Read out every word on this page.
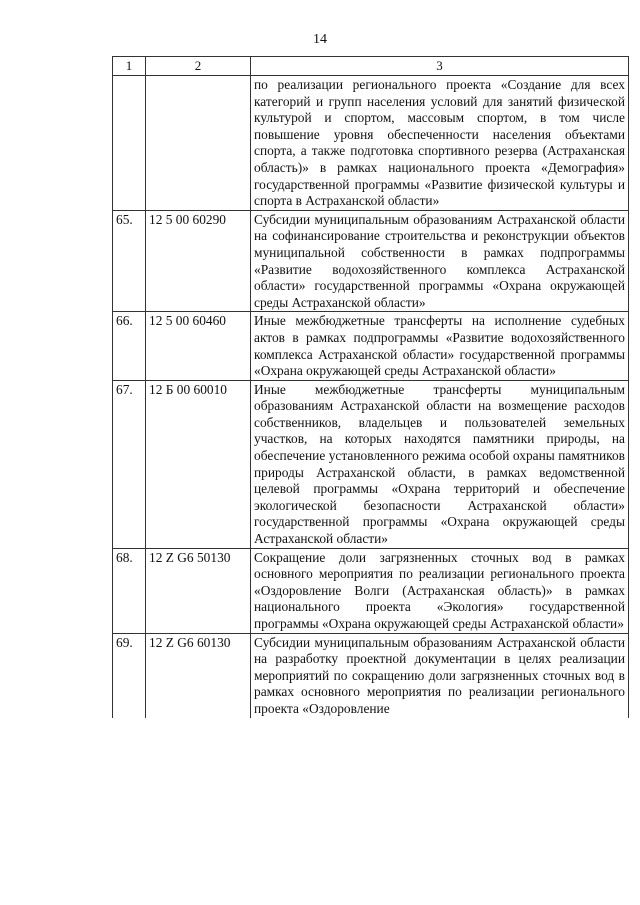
14
1	2	3
		по реализации регионального проекта «Создание для всех категорий и групп населения условий для занятий физической культурой и спортом, массовым спортом, в том числе повышение уровня обеспеченности населения объектами спорта, а также подготовка спортивного резерва (Астраханская область)» в рамках национального проекта «Демография» государственной программы «Развитие физической культуры и спорта в Астраханской области»
65.	12 5 00 60290	Субсидии муниципальным образованиям Астраханской области на софинансирование строительства и реконструкции объектов муниципальной собственности в рамках подпрограммы «Развитие водохозяйственного комплекса Астраханской области» государственной программы «Охрана окружающей среды Астраханской области»
66.	12 5 00 60460	Иные межбюджетные трансферты на исполнение судебных актов в рамках подпрограммы «Развитие водохозяйственного комплекса Астраханской области» государственной программы «Охрана окружающей среды Астраханской области»
67.	12 Б 00 60010	Иные межбюджетные трансферты муниципальным образованиям Астраханской области на возмещение расходов собственников, владельцев и пользователей земельных участков, на которых находятся памятники природы, на обеспечение установленного режима особой охраны памятников природы Астраханской области, в рамках ведомственной целевой программы «Охрана территорий и обеспечение экологической безопасности Астраханской области» государственной программы «Охрана окружающей среды Астраханской области»
68.	12 Z G6 50130	Сокращение доли загрязненных сточных вод в рамках основного мероприятия по реализации регионального проекта «Оздоровление Волги (Астраханская область)» в рамках национального проекта «Экология» государственной программы «Охрана окружающей среды Астраханской области»
69.	12 Z G6 60130	Субсидии муниципальным образованиям Астраханской области на разработку проектной документации в целях реализации мероприятий по сокращению доли загрязненных сточных вод в рамках основного мероприятия по реализации регионального проекта «Оздоровление
